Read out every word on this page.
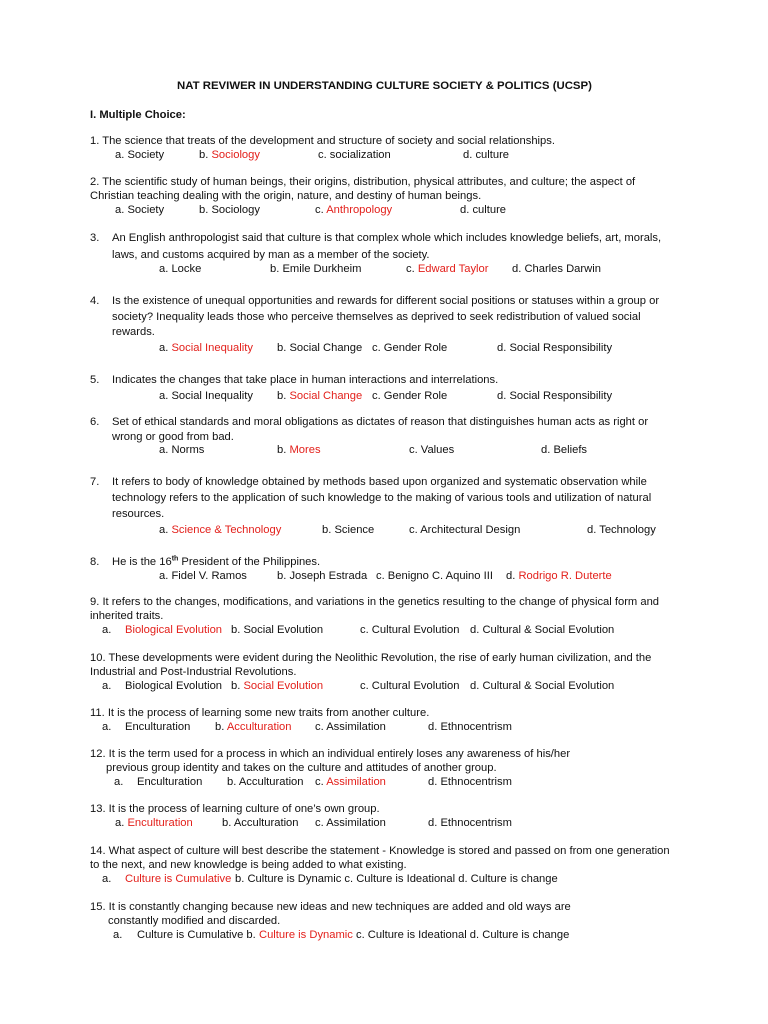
NAT REVIWER IN UNDERSTANDING CULTURE SOCIETY & POLITICS (UCSP)
I. Multiple Choice:
1. The science that treats of the development and structure of society and social relationships.
a. Society	b. Sociology	c. socialization	d. culture
2. The scientific study of human beings, their origins, distribution, physical attributes, and culture; the aspect of
Christian teaching dealing with the origin, nature, and destiny of human beings.
a. Society	b. Sociology	c. Anthropology	d. culture
3. An English anthropologist said that culture is that complex whole which includes knowledge beliefs, art, morals,
laws, and customs acquired by man as a member of the society.
a. Locke	b. Emile Durkheim	c. Edward Taylor d. Charles Darwin
4. Is the existence of unequal opportunities and rewards for different social positions or statuses within a group or
society? Inequality leads those who perceive themselves as deprived to seek redistribution of valued social
rewards.
a. Social Inequality b. Social Change c. Gender Role	d. Social Responsibility
5. Indicates the changes that take place in human interactions and interrelations.
a. Social Inequality b. Social Change c. Gender Role	d. Social Responsibility
6. Set of ethical standards and moral obligations as dictates of reason that distinguishes human acts as right or
wrong or good from bad.
a. Norms	b. Mores	c. Values	d. Beliefs
7. It refers to body of knowledge obtained by methods based upon organized and systematic observation while
technology refers to the application of such knowledge to the making of various tools and utilization of natural
resources.
a. Science & Technology	b. Science	c. Architectural Design	d. Technology
8. He is the 16th President of the Philippines.
a. Fidel V. Ramos	b. Joseph Estrada c. Benigno C. Aquino III d. Rodrigo R. Duterte
9. It refers to the changes, modifications, and variations in the genetics resulting to the change of physical form and
inherited traits.
a. Biological Evolution b. Social Evolution	c. Cultural Evolution d. Cultural & Social Evolution
10. These developments were evident during the Neolithic Revolution, the rise of early human civilization, and the
Industrial and Post-Industrial Revolutions.
a. Biological Evolution b. Social Evolution	c. Cultural Evolution d. Cultural & Social Evolution
11. It is the process of learning some new traits from another culture.
a. Enculturation b. Acculturation c. Assimilation	d. Ethnocentrism
12. It is the term used for a process in which an individual entirely loses any awareness of his/her
previous group identity and takes on the culture and attitudes of another group.
a. Enculturation b. Acculturation c. Assimilation	d. Ethnocentrism
13. It is the process of learning culture of one’s own group.
a. Enculturation	b. Acculturation c. Assimilation	d. Ethnocentrism
14. What aspect of culture will best describe the statement - Knowledge is stored and passed on from one generation
to the next, and new knowledge is being added to what existing.
a. Culture is Cumulative b. Culture is Dynamic c. Culture is Ideational d. Culture is change
15. It is constantly changing because new ideas and new techniques are added and old ways are
constantly modified and discarded.
a. Culture is Cumulative b. Culture is Dynamic c. Culture is Ideational d. Culture is change
